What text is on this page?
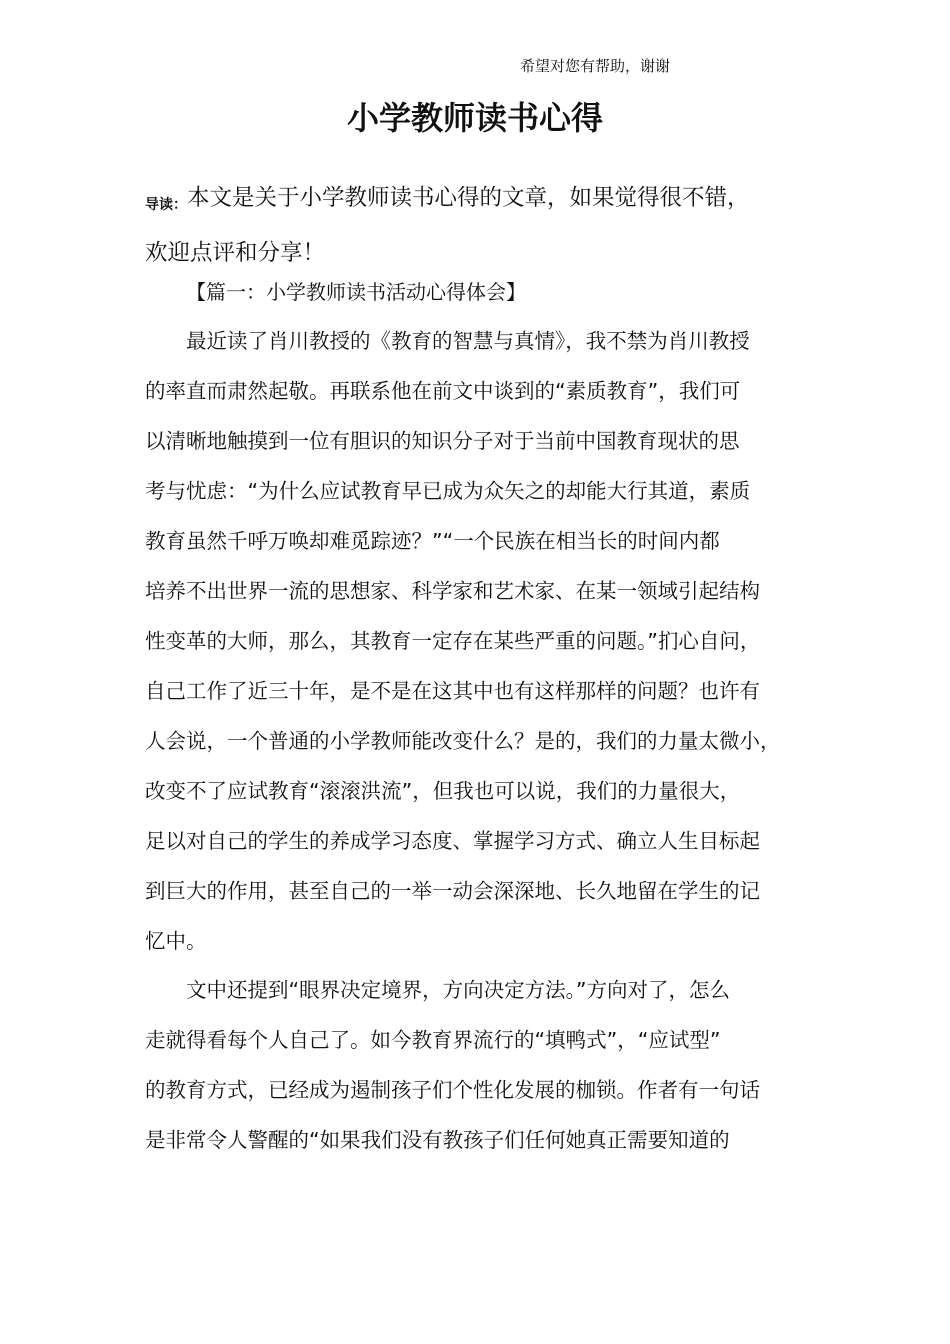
希望对您有帮助，谢谢
小学教师读书心得
导读：本文是关于小学教师读书心得的文章，如果觉得很不错，
欢迎点评和分享！
【篇一：小学教师读书活动心得体会】
　　最近读了肖川教授的《教育的智慧与真情》，我不禁为肖川教授
的率直而肃然起敬。再联系他在前文中谈到的“素质教育”，我们可
以清晰地触摸到一位有胆识的知识分子对于当前中国教育现状的思
考与忧虑：“为什么应试教育早已成为众矢之的却能大行其道，素质
教育虽然千呼万唤却难觅踪迹？”“一个民族在相当长的时间内都
培养不出世界一流的思想家、科学家和艺术家、在某一领域引起结构
性变革的大师，那么，其教育一定存在某些严重的问题。”扪心自问，
自己工作了近三十年，是不是在这其中也有这样那样的问题？也许有
人会说，一个普通的小学教师能改变什么？是的，我们的力量太微小，
改变不了应试教育“滚滚洪流”，但我也可以说，我们的力量很大，
足以对自己的学生的养成学习态度、掌握学习方式、确立人生目标起
到巨大的作用，甚至自己的一举一动会深深地、长久地留在学生的记
忆中。
　　文中还提到“眼界决定境界，方向决定方法。”方向对了，怎么
走就得看每个人自己了。如今教育界流行的“填鸭式”，“应试型”
的教育方式，已经成为遏制孩子们个性化发展的枷锁。作者有一句话
是非常令人警醒的“如果我们没有教孩子们任何她真正需要知道的
